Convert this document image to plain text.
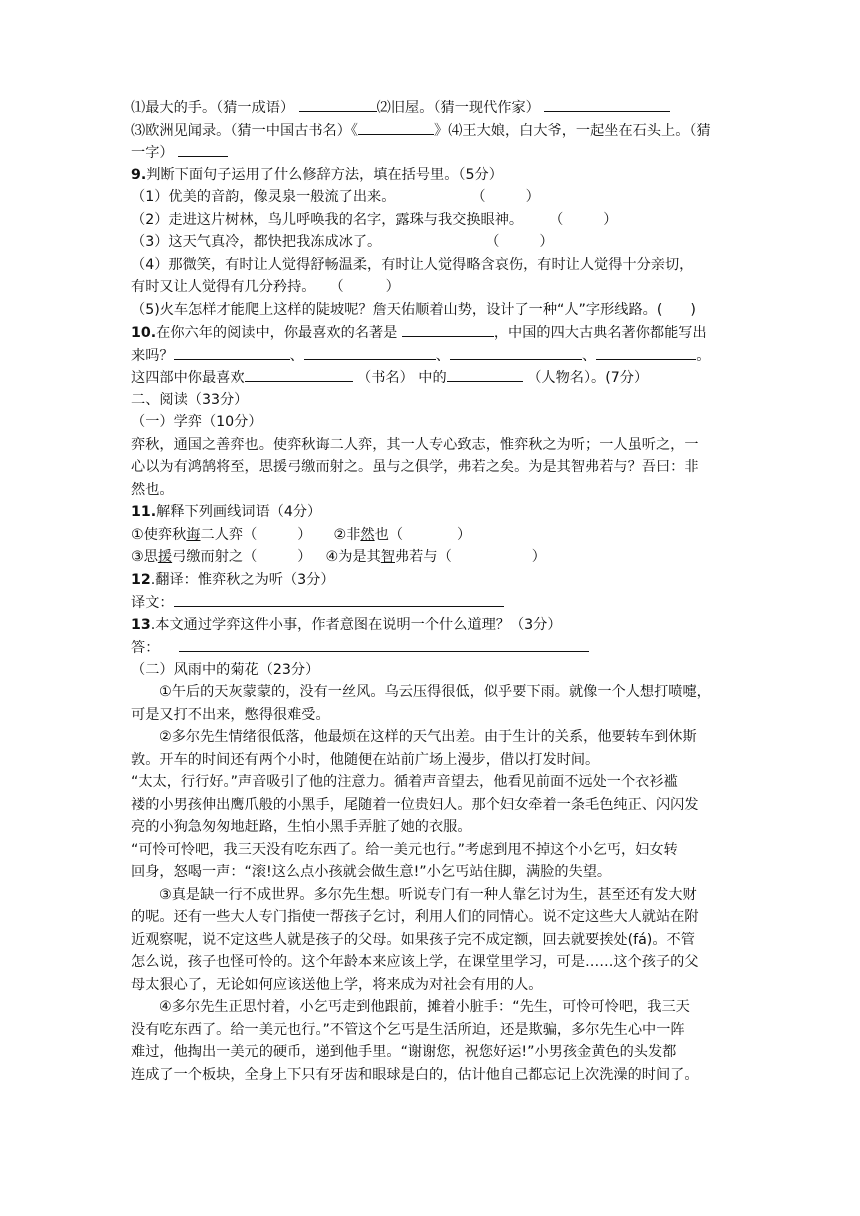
⑴最大的手。（猜一成语）	⑵旧屋。（猜一现代作家）
⑶欧洲见闻录。（猜一中国古书名）《	》⑷王大娘，白大爷，一起坐在石头上。（猜
一字）
9.判断下面句子运用了什么修辞方法，填在括号里。（5分）
（1）优美的音韵，像灵泉一般流了出来。	（	）
（2）走进这片树林，鸟儿呼唤我的名字，露珠与我交换眼神。 （	）
（3）这天气真冷，都快把我冻成冰了。	（	）
（4）那微笑，有时让人觉得舒畅温柔，有时让人觉得略含哀伤，有时让人觉得十分亲切，
有时又让人觉得有几分矜持。 （	）
（5)火车怎样才能爬上这样的陡坡呢？詹天佑顺着山势，设计了一种“人”字形线路。( )
10.在你六年的阅读中，你最喜欢的名著是	，中国的四大古典名著你都能写出
来吗？	、	、	、	。
这四部中你最喜欢	（书名） 中的	（人物名）。(7分）
二、阅读（33分）
（一）学弈（10分）
弈秋，通国之善弈也。使弈秋诲二人弈，其一人专心致志，惟弈秋之为听；一人虽听之，一
心以为有鸿鹄将至，思援弓缴而射之。虽与之俱学，弗若之矣。为是其智弗若与？吾曰：非
然也。
11.解释下列画线词语（4分）
①使弈秋诲二人弈（	） ②非然也（	）
③思援弓缴而射之（	） ④为是其智弗若与（	）
12.翻译：惟弈秋之为听（3分）
译文：
13.本文通过学弈这件小事，作者意图在说明一个什么道理？（3分）
答：
（二）风雨中的菊花（23分）
①午后的天灰蒙蒙的，没有一丝风。乌云压得很低，似乎要下雨。就像一个人想打喷嚏，
可是又打不出来，憋得很难受。
②多尔先生情绪很低落，他最烦在这样的天气出差。由于生计的关系，他要转车到休斯
敦。开车的时间还有两个小时，他随便在站前广场上漫步，借以打发时间。
“太太，行行好。”声音吸引了他的注意力。循着声音望去，他看见前面不远处一个衣衫褴
褛的小男孩伸出鹰爪般的小黑手，尾随着一位贵妇人。那个妇女牵着一条毛色纯正、闪闪发
亮的小狗急匆匆地赶路，生怕小黑手弄脏了她的衣服。
“可怜可怜吧，我三天没有吃东西了。给一美元也行。”考虑到甩不掉这个小乞丐，妇女转
回身，怒喝一声：“滚!这么点小孩就会做生意!”小乞丐站住脚，满脸的失望。
③真是缺一行不成世界。多尔先生想。听说专门有一种人靠乞讨为生，甚至还有发大财
的呢。还有一些大人专门指使一帮孩子乞讨，利用人们的同情心。说不定这些大人就站在附
近观察呢，说不定这些人就是孩子的父母。如果孩子完不成定额，回去就要挨处(fá)。不管
怎么说，孩子也怪可怜的。这个年龄本来应该上学，在课堂里学习，可是……这个孩子的父
母太狠心了，无论如何应该送他上学，将来成为对社会有用的人。
④多尔先生正思忖着，小乞丐走到他跟前，摊着小脏手：“先生，可怜可怜吧，我三天
没有吃东西了。给一美元也行。”不管这个乞丐是生活所迫，还是欺骗，多尔先生心中一阵
难过，他掏出一美元的硬币，递到他手里。“谢谢您，祝您好运!”小男孩金黄色的头发都
连成了一个板块，全身上下只有牙齿和眼球是白的，估计他自己都忘记上次洗澡的时间了。
